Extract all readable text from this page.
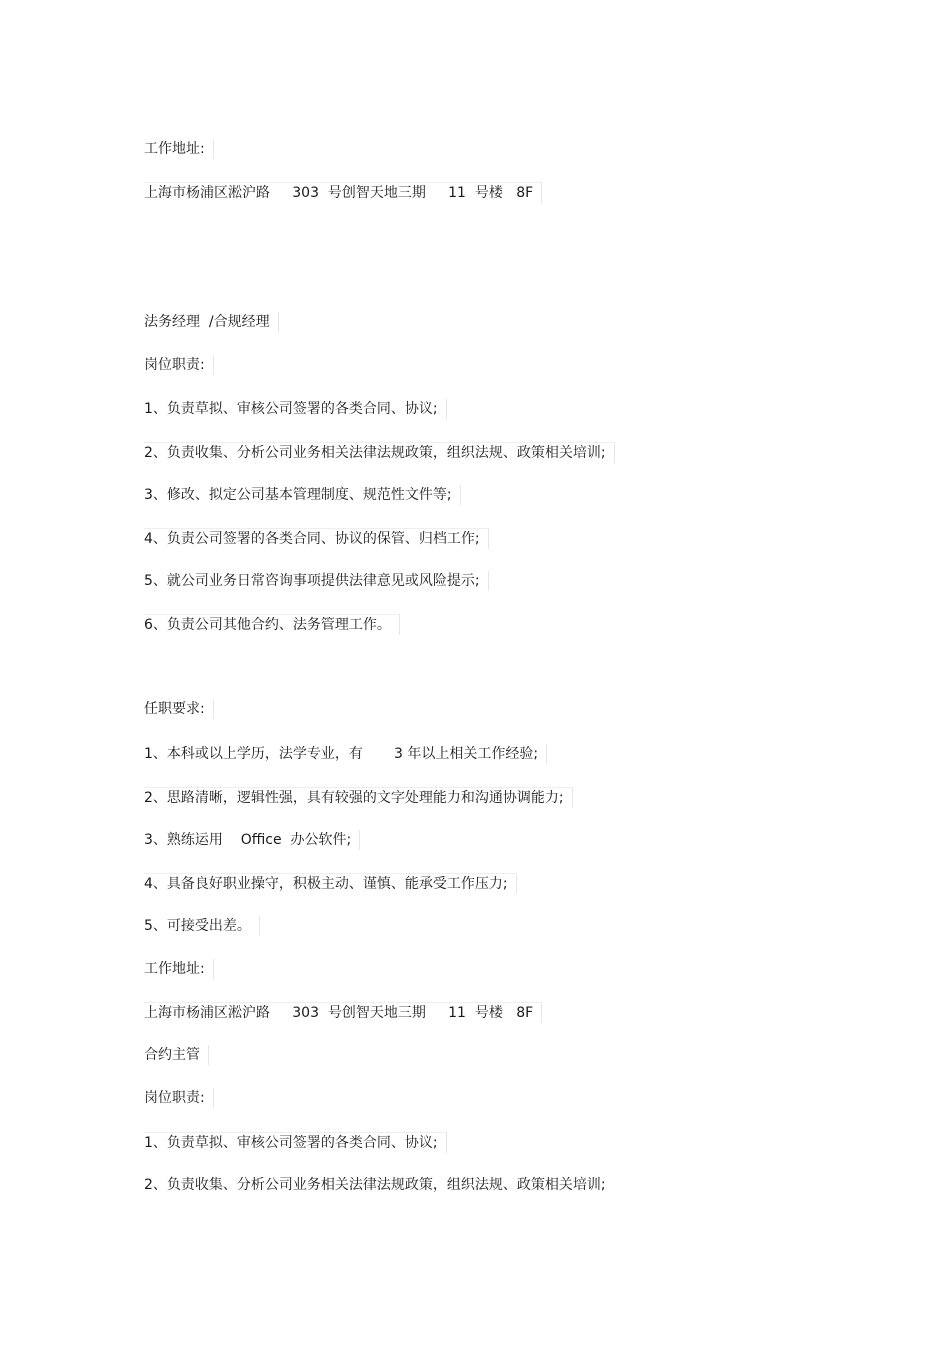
工作地址:
上海市杨浦区淞沪路     303  号创智天地三期     11  号楼   8F
法务经理  /合规经理
岗位职责:
1、负责草拟、审核公司签署的各类合同、协议;
2、负责收集、分析公司业务相关法律法规政策，组织法规、政策相关培训;
3、修改、拟定公司基本管理制度、规范性文件等;
4、负责公司签署的各类合同、协议的保管、归档工作;
5、就公司业务日常咨询事项提供法律意见或风险提示;
6、负责公司其他合约、法务管理工作。
任职要求:
1、本科或以上学历，法学专业，有       3 年以上相关工作经验;
2、思路清晰，逻辑性强，具有较强的文字处理能力和沟通协调能力;
3、熟练运用    Office  办公软件;
4、具备良好职业操守，积极主动、谨慎、能承受工作压力;
5、可接受出差。
工作地址:
上海市杨浦区淞沪路     303  号创智天地三期     11  号楼   8F
合约主管
岗位职责:
1、负责草拟、审核公司签署的各类合同、协议;
2、负责收集、分析公司业务相关法律法规政策，组织法规、政策相关培训;
